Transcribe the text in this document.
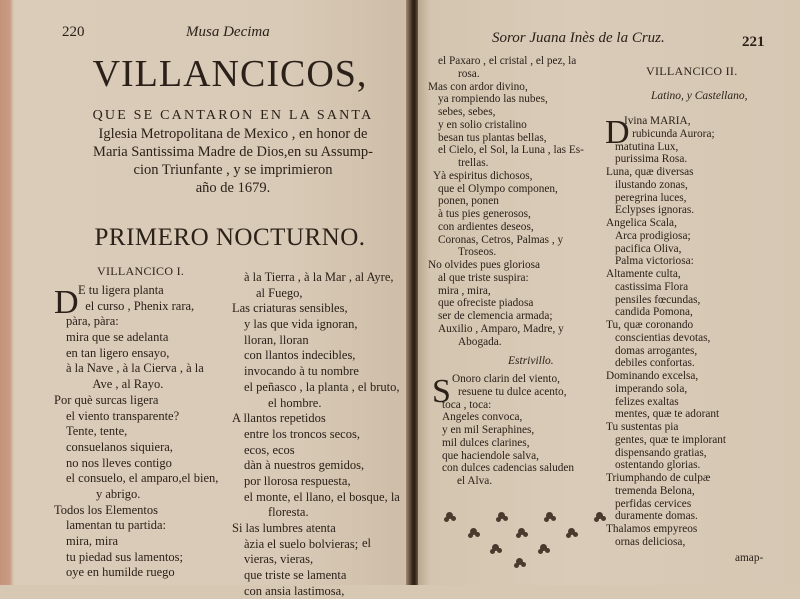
220	Musa Decima
VILLANCICOS,
QUE SE CANTARON EN LA SANTA
Iglesia Metropolitana de Mexico , en honor de
Maria Santissima Madre de Dios,en su Assump-
cion Triunfante , y se imprimieron
año de 1679.
PRIMERO NOCTURNO.
VILLANCICO I.
D E tu ligera planta
el curso , Phenix rara,
pàra, pàra:
mira que se adelanta
en tan ligero ensayo,
à la Nave , à la Cierva , à la
Ave , al Rayo.
Por què surcas ligera
el viento transparente?
Tente, tente,
consuelanos siquiera,
no nos lleves contigo
el consuelo, el amparo,el bien,
y abrigo.
Todos los Elementos
lamentan tu partida:
mira, mira
tu piedad sus lamentos;
oye en humilde ruego
à la Tierra , à la Mar , al Ayre,
al Fuego,
Las criaturas sensibles,
y las que vida ignoran,
lloran, lloran
con llantos indecibles,
invocando à tu nombre
el peñasco , la planta , el bruto,
el hombre.
A llantos repetidos
entre los troncos secos,
ecos, ecos
dàn à nuestros gemidos,
por llorosa respuesta,
el monte, el llano, el bosque, la
floresta.
Si las lumbres atenta
àzia el suelo bolvieras;
vieras, vieras,
que triste se lamenta
con ansia lastimosa,
el
Soror Juana Inès de la Cruz.	221
el Paxaro , el cristal , el pez, la
rosa.
Mas con ardor divino,
ya rompiendo las nubes,
sebes, sebes,
y en solio cristalino
besan tus plantas bellas,
el Cielo, el Sol, la Luna , las Es-
trellas.
Yà espiritus dichosos,
que el Olympo componen,
ponen, ponen
à tus pies generosos,
con ardientes deseos,
Coronas, Cetros, Palmas , y
Troseos.
No olvides pues gloriosa
al que triste suspira:
mira , mira,
que ofreciste piadosa
ser de clemencia armada;
Auxilio , Amparo, Madre, y
Abogada.
Estrivillo.
S Onoro clarin del viento,
resuene tu dulce acento,
toca , toca:
Angeles convoca,
y en mil Seraphines,
mil dulces clarines,
que haciendole salva,
con dulces cadencias saluden
el Alva.
VILLANCICO II.
Latino, y Castellano,
D
Ivina MARIA,
rubicunda Aurora;
matutina Lux,
purissima Rosa.
Luna, quæ diversas
ilustando zonas,
peregrina luces,
Eclypses ignoras.
Angelica Scala,
Arca prodigiosa;
pacifica Oliva,
Palma victoriosa:
Altamente culta,
castissima Flora
pensiles fœcundas,
candida Pomona,
Tu, quæ coronando
conscientias devotas,
domas arrogantes,
debiles confortas.
Dominando excelsa,
imperando sola,
felizes exaltas
mentes, quæ te adorant
Tu sustentas pia
gentes, quæ te implorant
dispensando gratias,
ostentando glorias.
Triumphando de culpæ
tremenda Belona,
perfidas cervices
duramente domas.
Thalamos empyreos
ornas deliciosa,
amap-
